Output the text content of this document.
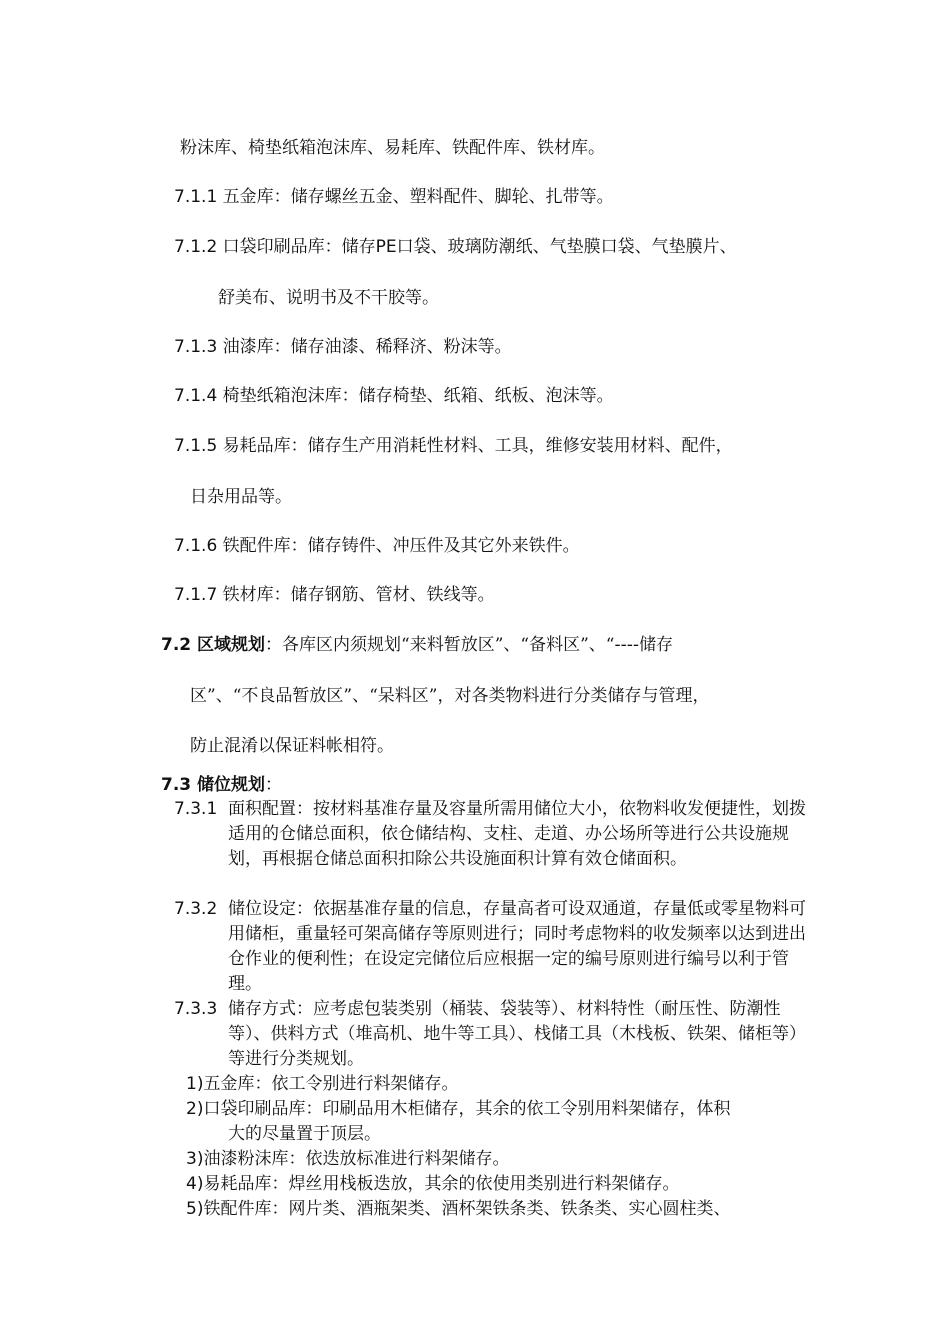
粉沫库、椅垫纸箱泡沫库、易耗库、铁配件库、铁材库。
7.1.1 五金库：储存螺丝五金、塑料配件、脚轮、扎带等。
7.1.2 口袋印刷品库：储存PE口袋、玻璃防潮纸、气垫膜口袋、气垫膜片、
舒美布、说明书及不干胶等。
7.1.3 油漆库：储存油漆、稀释济、粉沫等。
7.1.4 椅垫纸箱泡沫库：储存椅垫、纸箱、纸板、泡沫等。
7.1.5 易耗品库：储存生产用消耗性材料、工具，维修安装用材料、配件，
日杂用品等。
7.1.6 铁配件库：储存铸件、冲压件及其它外来铁件。
7.1.7 铁材库：储存钢筋、管材、铁线等。
7.2 区域规划：各库区内须规划“来料暂放区”、“备料区”、“----储存
区”、“不良品暂放区”、“呆料区”，对各类物料进行分类储存与管理，
防止混淆以保证料帐相符。
7.3 储位规划：
7.3.1 面积配置：按材料基准存量及容量所需用储位大小，依物料收发便捷性，划拨适用的仓储总面积，依仓储结构、支柱、走道、办公场所等进行公共设施规划，再根据仓储总面积扣除公共设施面积计算有效仓储面积。
7.3.2 储位设定：依据基准存量的信息，存量高者可设双通道，存量低或零星物料可用储柜，重量轻可架高储存等原则进行；同时考虑物料的收发频率以达到进出仓作业的便利性；在设定完储位后应根据一定的编号原则进行编号以利于管理。
7.3.3 储存方式：应考虑包装类别（桶装、袋装等）、材料特性（耐压性、防潮性等）、供料方式（堆高机、地牛等工具）、栈储工具（木栈板、铁架、储柜等）等进行分类规划。
1)五金库：依工令别进行料架储存。
2)口袋印刷品库：印刷品用木柜储存，其余的依工令别用料架储存，体积
大的尽量置于顶层。
3)油漆粉沫库：依迭放标准进行料架储存。
4)易耗品库：焊丝用栈板迭放，其余的依使用类别进行料架储存。
5)铁配件库：网片类、酒瓶架类、酒杯架铁条类、铁条类、实心圆柱类、
